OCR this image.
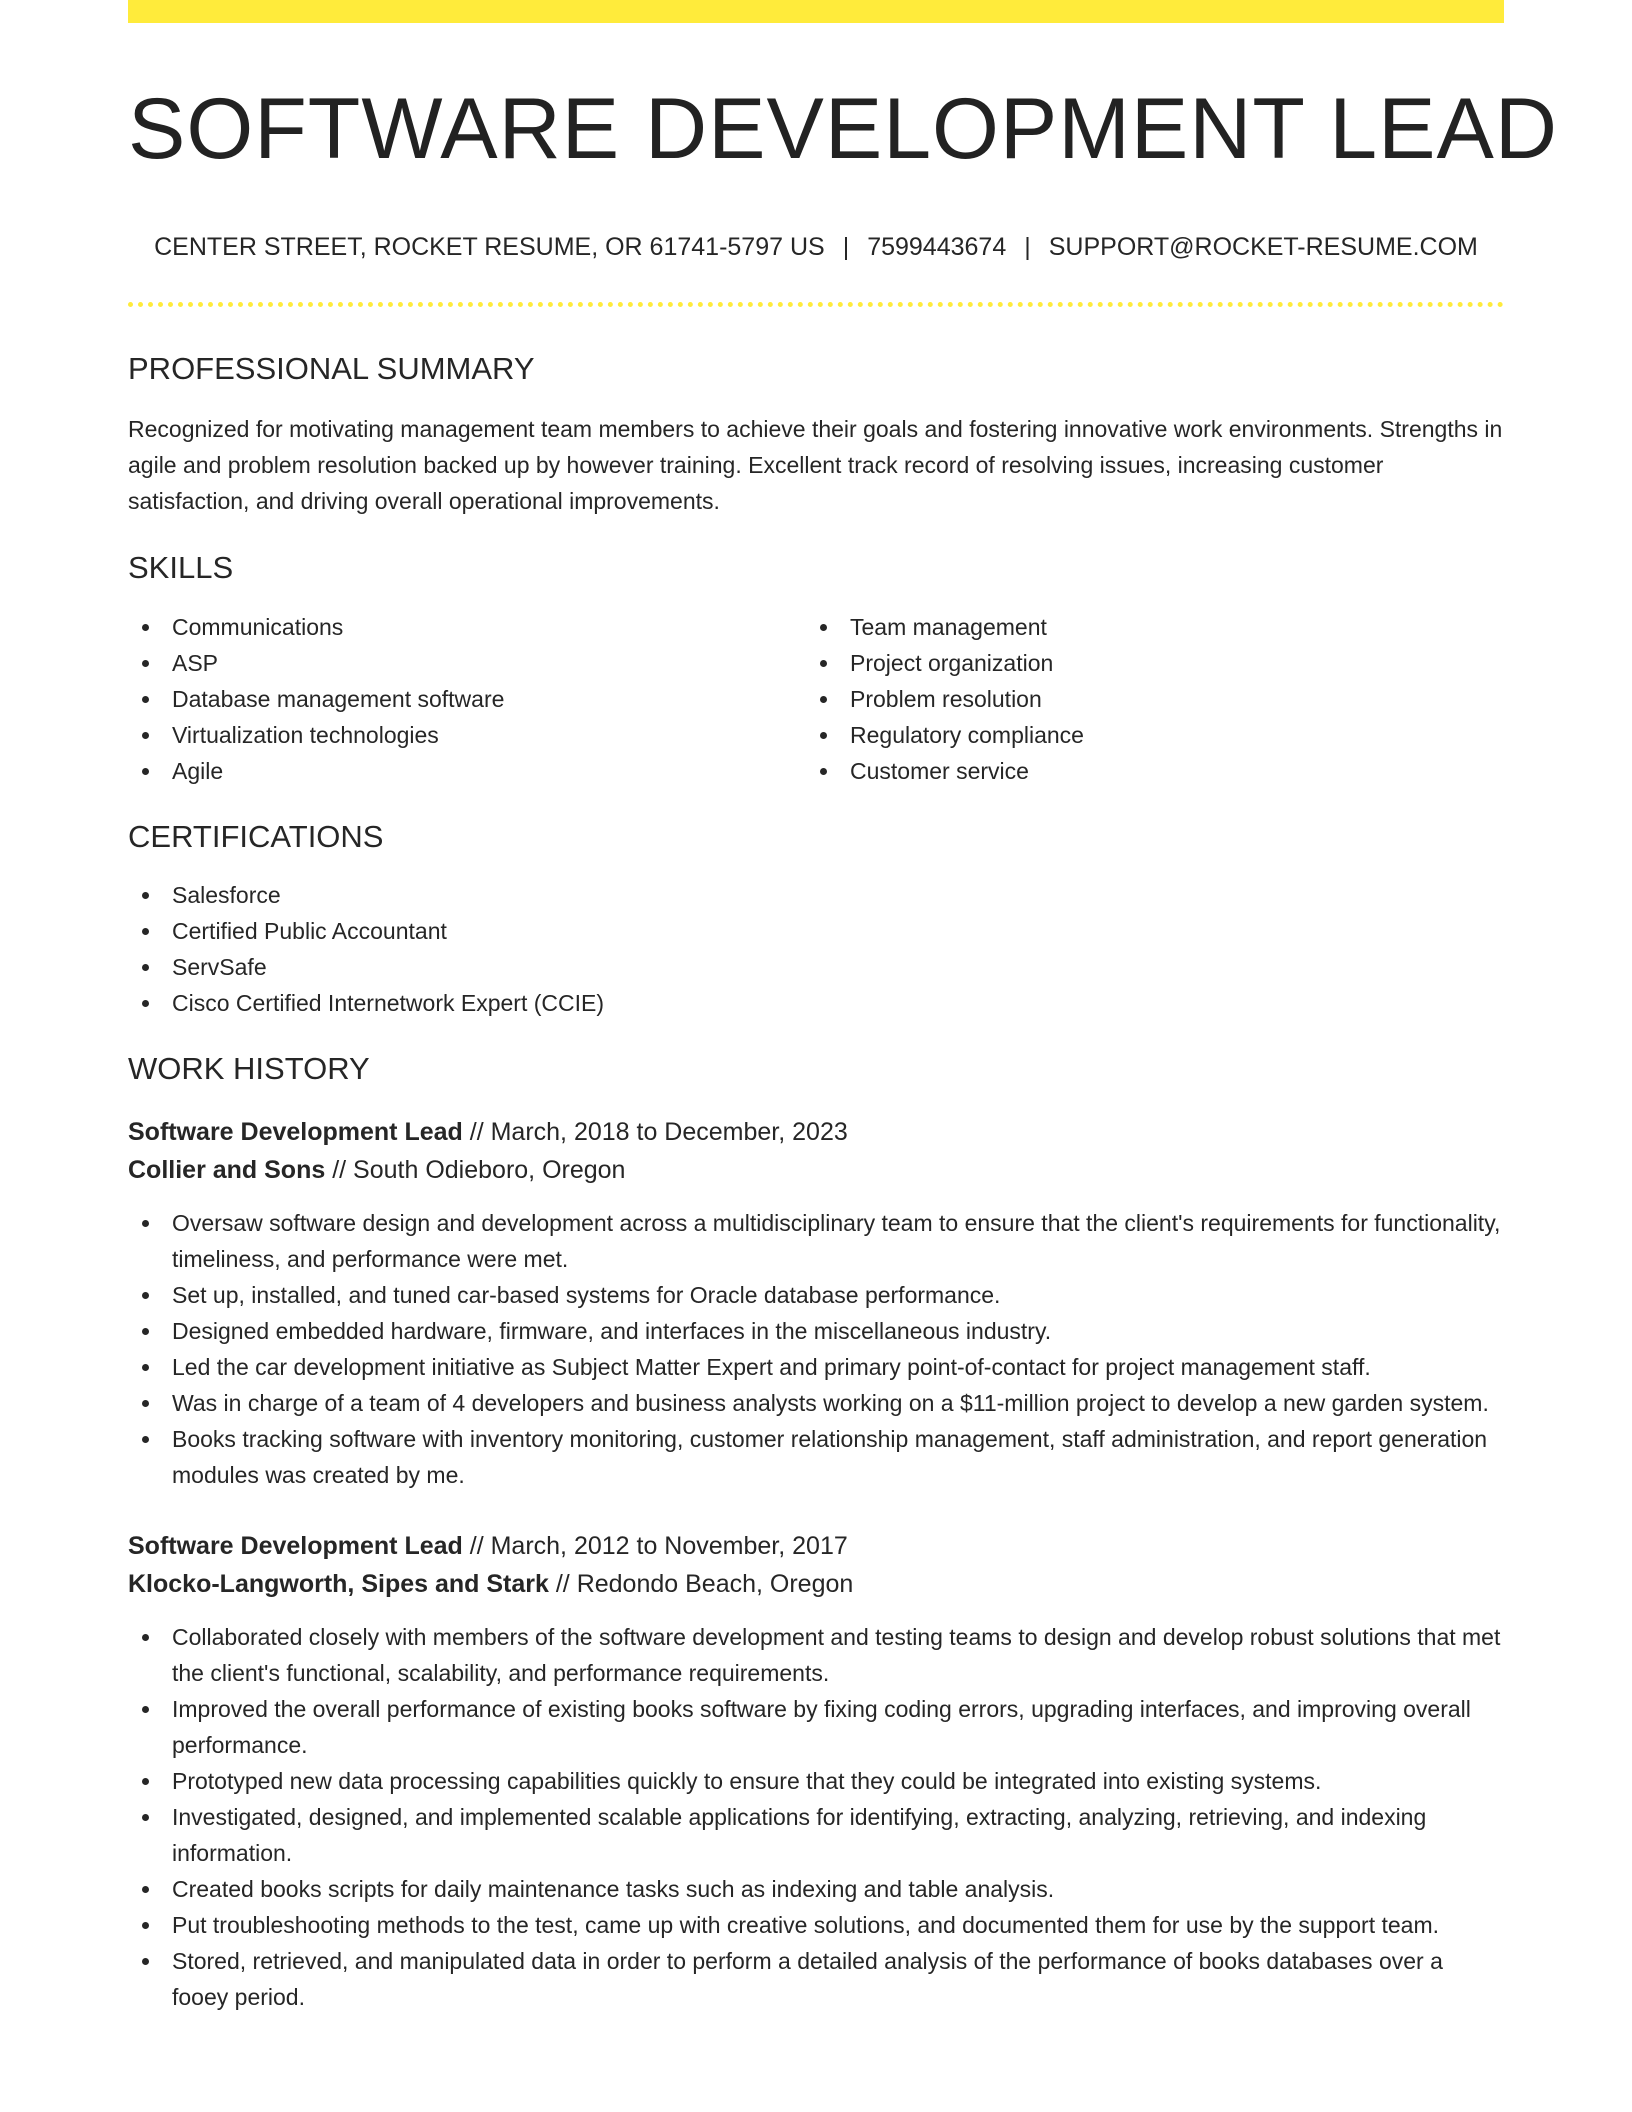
SOFTWARE DEVELOPMENT LEAD
CENTER STREET, ROCKET RESUME, OR 61741-5797 US | 7599443674 | SUPPORT@ROCKET-RESUME.COM
PROFESSIONAL SUMMARY

Recognized for motivating management team members to achieve their goals and fostering innovative work environments. Strengths in agile and problem resolution backed up by however training. Excellent track record of resolving issues, increasing customer satisfaction, and driving overall operational improvements.

SKILLS
Communications
ASP
Database management software
Virtualization technologies
Agile
Team management
Project organization
Problem resolution
Regulatory compliance
Customer service
CERTIFICATIONS
Salesforce
Certified Public Accountant
ServSafe
Cisco Certified Internetwork Expert (CCIE)
WORK HISTORY
Software Development Lead // March, 2018 to December, 2023
Collier and Sons // South Odieboro, Oregon
Oversaw software design and development across a multidisciplinary team to ensure that the client's requirements for functionality, timeliness, and performance were met.
Set up, installed, and tuned car-based systems for Oracle database performance.
Designed embedded hardware, firmware, and interfaces in the miscellaneous industry.
Led the car development initiative as Subject Matter Expert and primary point-of-contact for project management staff.
Was in charge of a team of 4 developers and business analysts working on a $11-million project to develop a new garden system.
Books tracking software with inventory monitoring, customer relationship management, staff administration, and report generation modules was created by me.
Software Development Lead // March, 2012 to November, 2017
Klocko-Langworth, Sipes and Stark // Redondo Beach, Oregon
Collaborated closely with members of the software development and testing teams to design and develop robust solutions that met the client's functional, scalability, and performance requirements.
Improved the overall performance of existing books software by fixing coding errors, upgrading interfaces, and improving overall performance.
Prototyped new data processing capabilities quickly to ensure that they could be integrated into existing systems.
Investigated, designed, and implemented scalable applications for identifying, extracting, analyzing, retrieving, and indexing information.
Created books scripts for daily maintenance tasks such as indexing and table analysis.
Put troubleshooting methods to the test, came up with creative solutions, and documented them for use by the support team.
Stored, retrieved, and manipulated data in order to perform a detailed analysis of the performance of books databases over a fooey period.
